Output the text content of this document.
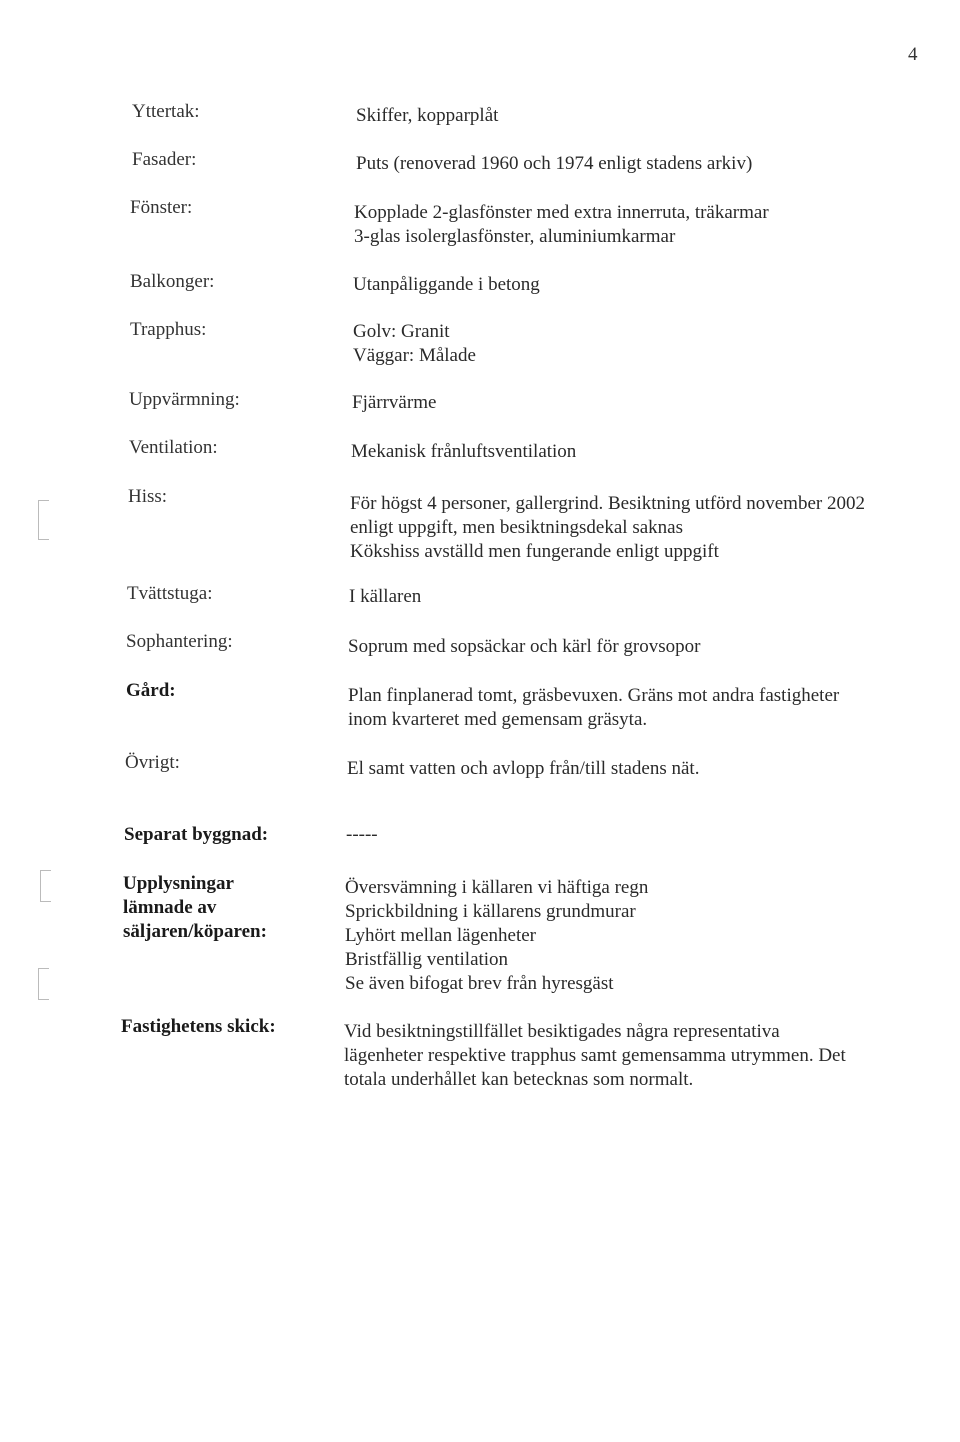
4
Yttertak:	Skiffer, kopparplåt
Fasader:	Puts (renoverad 1960 och 1974 enligt stadens arkiv)
Fönster:	Kopplade 2-glasfönster med extra innerruta, träkarmar
3-glas isolerglasfönster, aluminiumkarmar
Balkonger:	Utanpåliggande i betong
Trapphus:	Golv: Granit
Väggar: Målade
Uppvärmning:	Fjärrvärme
Ventilation:	Mekanisk frånluftsventilation
Hiss:	För högst 4 personer, gallergrind. Besiktning utförd november 2002
enligt uppgift, men besiktningsdekal saknas
Kökshiss avställd men fungerande enligt uppgift
Tvättstuga:	I källaren
Sophantering:	Soprum med sopsäckar och kärl för grovsopor
Gård:	Plan finplanerad tomt, gräsbevuxen. Gräns mot andra fastigheter
inom kvarteret med gemensam gräsyta.
Övrigt:	El samt vatten och avlopp från/till stadens nät.
Separat byggnad:	-----
Upplysningar
lämnade av
säljaren/köparen:
Översvämning i källaren vi häftiga regn
Sprickbildning i källarens grundmurar
Lyhört mellan lägenheter
Bristfällig ventilation
Se även bifogat brev från hyresgäst
Fastighetens skick:	Vid besiktningstillfället besiktigades några representativa
lägenheter respektive trapphus samt gemensamma utrymmen. Det
totala underhållet kan betecknas som normalt.
